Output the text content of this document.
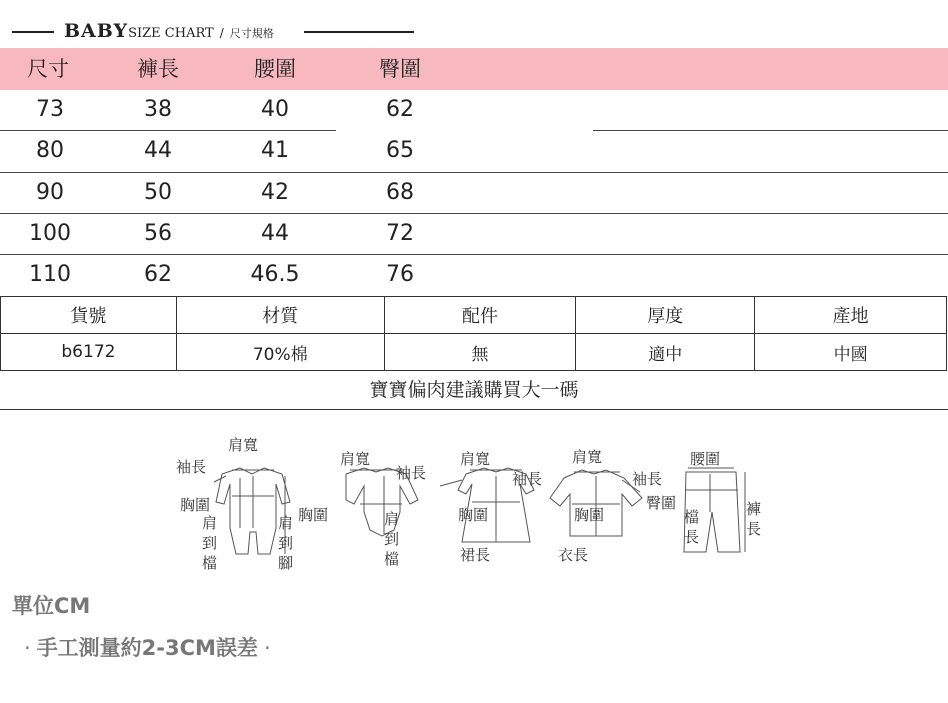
BABYSIZE CHART / 尺寸規格
尺寸	褲長	腰圍	臀圍
73	38	40	62
80	44	41	65
90	50	42	68
100	56	44	72
110	62	46.5	76
貨號	材質	配件	厚度	產地
b6172	70%棉	無	適中	中國
寶寶偏肉建議購買大一碼
袖長
肩寬
胸圍
肩
到
檔
肩
到
腳
肩寬
袖長
胸圍	肩
到
檔
肩寬
袖長
胸圍
裙長
肩寬
袖長
胸圍
衣長
腰圍
臀圍
檔
長
褲
長
單位CM
· 手工測量約2-3CM誤差 ·
